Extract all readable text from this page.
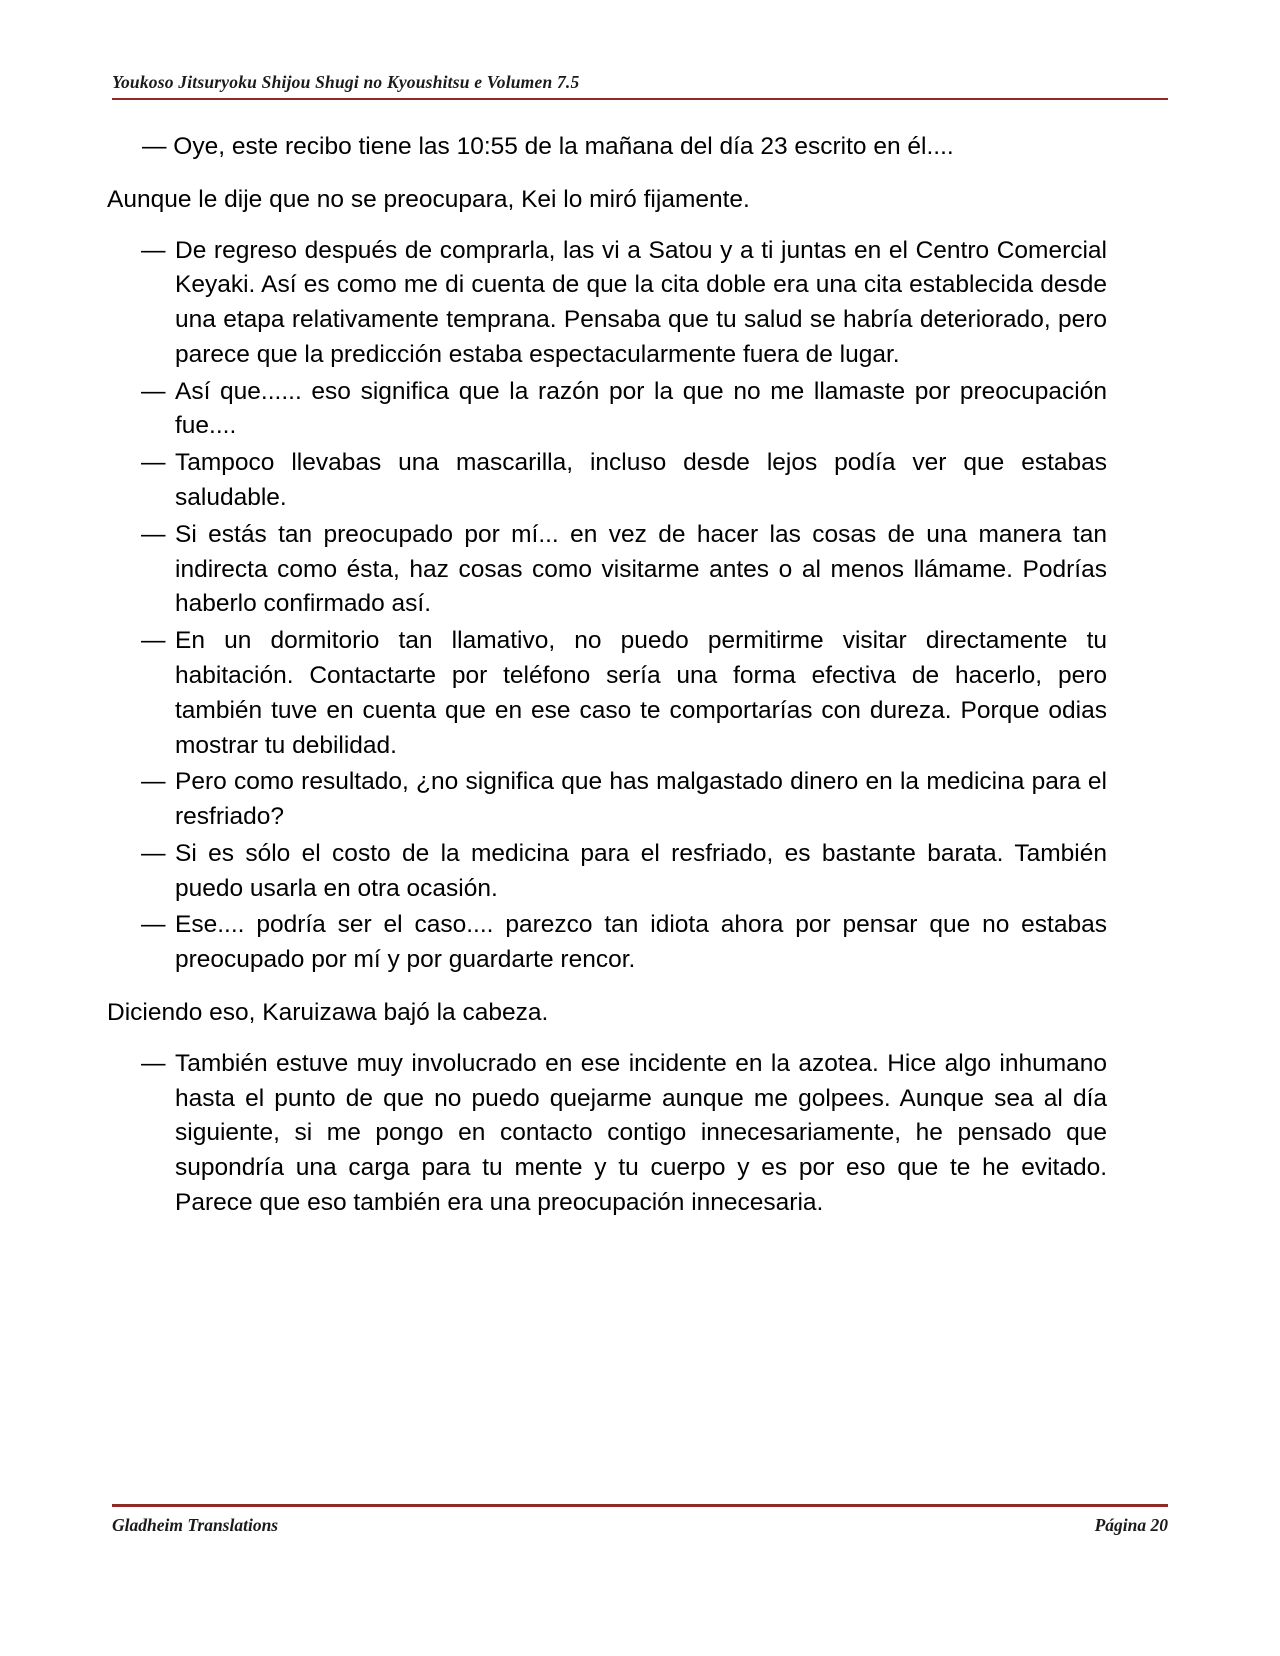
Youkoso Jitsuryoku Shijou Shugi no Kyoushitsu e Volumen 7.5

— Oye, este recibo tiene las 10:55 de la mañana del día 23 escrito en él....

Aunque le dije que no se preocupara, Kei lo miró fijamente.

— De regreso después de comprarla, las vi a Satou y a ti juntas en el Centro Comercial Keyaki. Así es como me di cuenta de que la cita doble era una cita establecida desde una etapa relativamente temprana. Pensaba que tu salud se habría deteriorado, pero parece que la predicción estaba espectacularmente fuera de lugar.
— Así que...... eso significa que la razón por la que no me llamaste por preocupación fue....
— Tampoco llevabas una mascarilla, incluso desde lejos podía ver que estabas saludable.
— Si estás tan preocupado por mí... en vez de hacer las cosas de una manera tan indirecta como ésta, haz cosas como visitarme antes o al menos llámame. Podrías haberlo confirmado así.
— En un dormitorio tan llamativo, no puedo permitirme visitar directamente tu habitación. Contactarte por teléfono sería una forma efectiva de hacerlo, pero también tuve en cuenta que en ese caso te comportarías con dureza. Porque odias mostrar tu debilidad.
— Pero como resultado, ¿no significa que has malgastado dinero en la medicina para el resfriado?
— Si es sólo el costo de la medicina para el resfriado, es bastante barata. También puedo usarla en otra ocasión.
— Ese.... podría ser el caso.... parezco tan idiota ahora por pensar que no estabas preocupado por mí y por guardarte rencor.

Diciendo eso, Karuizawa bajó la cabeza.

— También estuve muy involucrado en ese incidente en la azotea. Hice algo inhumano hasta el punto de que no puedo quejarme aunque me golpees. Aunque sea al día siguiente, si me pongo en contacto contigo innecesariamente, he pensado que supondría una carga para tu mente y tu cuerpo y es por eso que te he evitado. Parece que eso también era una preocupación innecesaria.
Gladheim Translations	Página 20
